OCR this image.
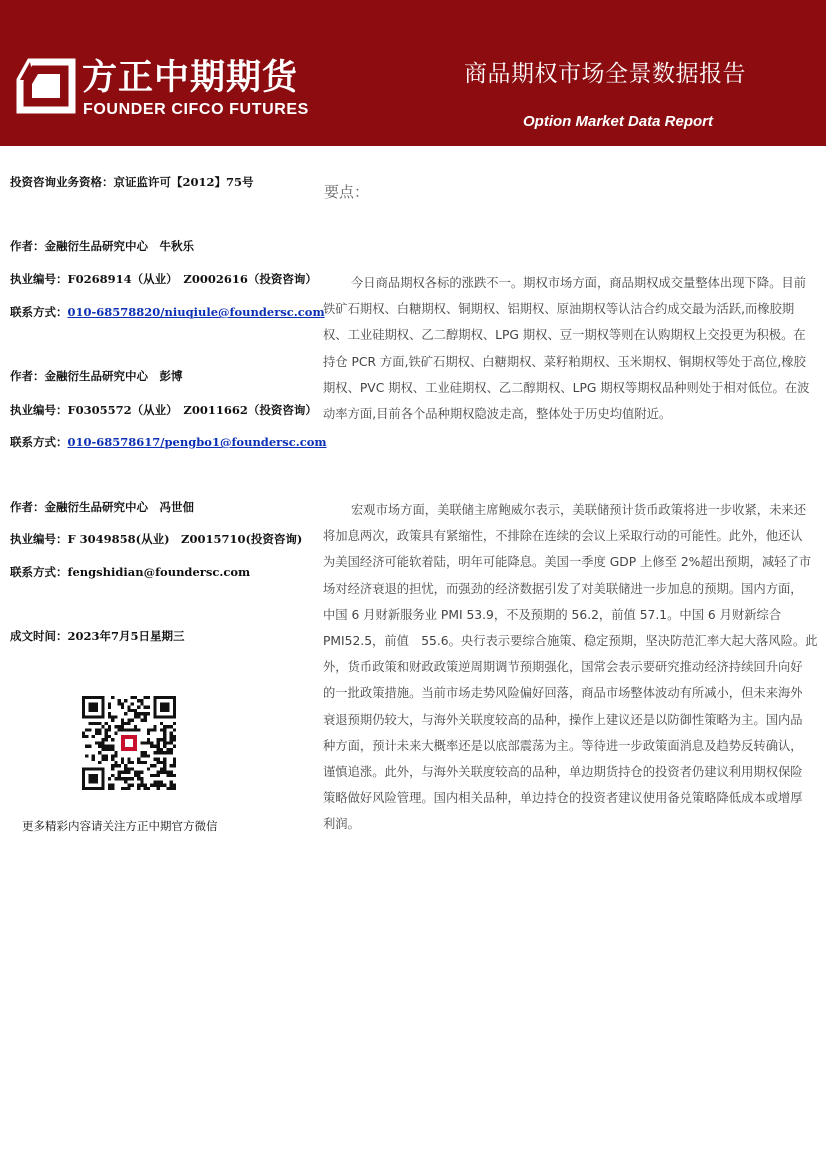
方正中期期货
FOUNDER CIFCO FUTURES
商品期权市场全景数据报告
Option Market Data Report
投资咨询业务资格：京证监许可【2012】75号
作者：金融衍生品研究中心　牛秋乐
执业编号：F0268914（从业）　Z0002616（投资咨询）
联系方式：010-68578820/niuqiule@foundersc.com
作者：金融衍生品研究中心　彭博
执业编号：F0305572（从业）　Z0011662（投资咨询）
联系方式：010-68578617/pengbo1@foundersc.com
作者：金融衍生品研究中心　冯世佃
执业编号：F 3049858(从业)　Z0015710(投资咨询)
联系方式：fengshidian@foundersc.com
成文时间：2023年7月5日星期三
更多精彩内容请关注方正中期官方微信
要点：
今日商品期权各标的涨跌不一。期权市场方面，商品期权成交量整体出现下降。目前
铁矿石期权、白糖期权、铜期权、铝期权、原油期权等认沽合约成交最为活跃,而橡胶期
权、工业硅期权、乙二醇期权、LPG 期权、豆一期权等则在认购期权上交投更为积极。在
持仓 PCR 方面,铁矿石期权、白糖期权、菜籽粕期权、玉米期权、铜期权等处于高位,橡胶
期权、PVC 期权、工业硅期权、乙二醇期权、LPG 期权等期权品种则处于相对低位。在波
动率方面,目前各个品种期权隐波走高，整体处于历史均值附近。
宏观市场方面，美联储主席鲍威尔表示，美联储预计货币政策将进一步收紧，未来还
将加息两次，政策具有紧缩性，不排除在连续的会议上采取行动的可能性。此外，他还认
为美国经济可能软着陆，明年可能降息。美国一季度 GDP 上修至 2%超出预期，减轻了市
场对经济衰退的担忧，而强劲的经济数据引发了对美联储进一步加息的预期。国内方面，
中国 6 月财新服务业 PMI 53.9，不及预期的 56.2，前值 57.1。中国 6 月财新综合
PMI52.5，前值　55.6。央行表示要综合施策、稳定预期，坚决防范汇率大起大落风险。此
外，货币政策和财政政策逆周期调节预期强化，国常会表示要研究推动经济持续回升向好
的一批政策措施。当前市场走势风险偏好回落，商品市场整体波动有所减小，但未来海外
衰退预期仍较大，与海外关联度较高的品种，操作上建议还是以防御性策略为主。国内品
种方面，预计未来大概率还是以底部震荡为主。等待进一步政策面消息及趋势反转确认，
谨慎追涨。此外，与海外关联度较高的品种，单边期货持仓的投资者仍建议利用期权保险
策略做好风险管理。国内相关品种，单边持仓的投资者建议使用备兑策略降低成本或增厚
利润。
